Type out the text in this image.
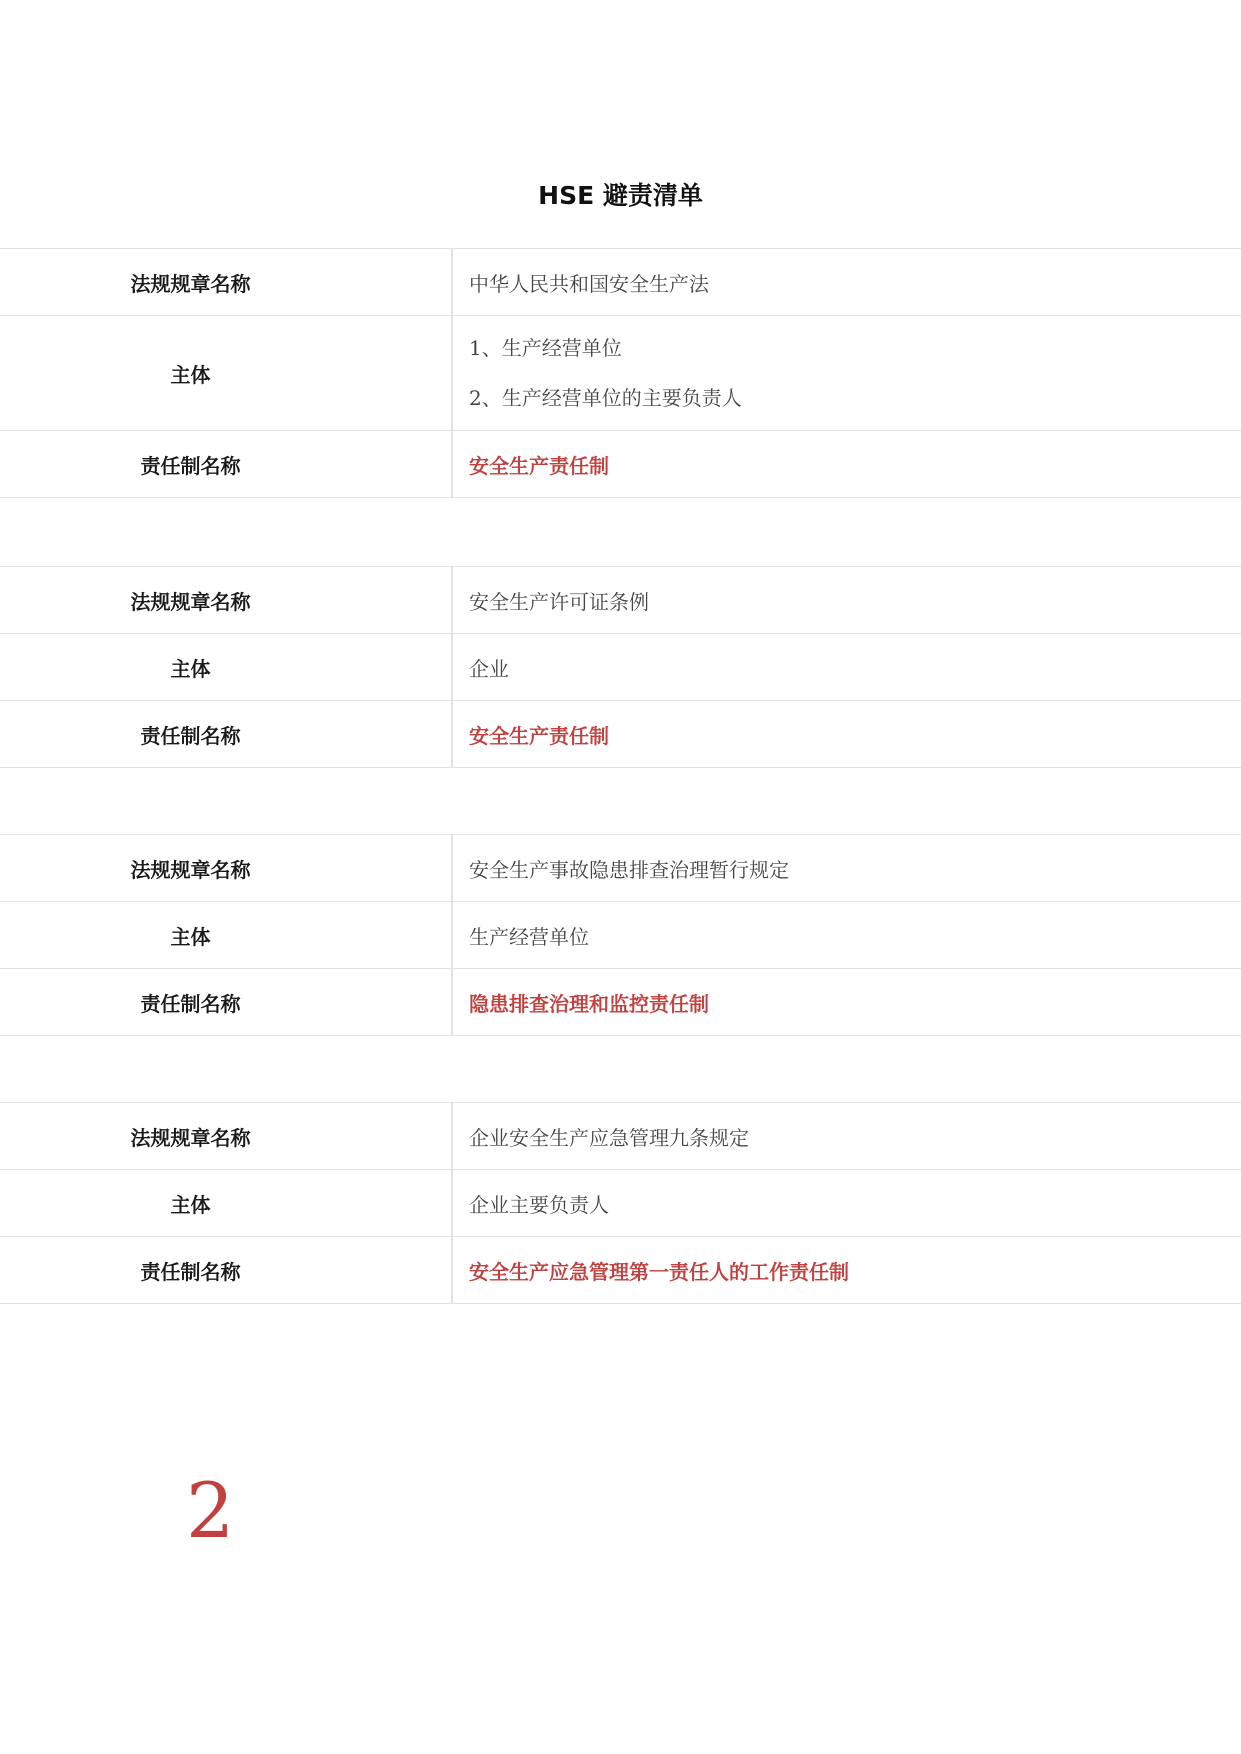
HSE 避责清单
法规规章名称	中华人民共和国安全生产法
主体	1、生产经营单位
2、生产经营单位的主要负责人

责任制名称	安全生产责任制
法规规章名称	安全生产许可证条例
主体	企业
责任制名称	安全生产责任制
法规规章名称	安全生产事故隐患排查治理暂行规定
主体	生产经营单位
责任制名称	隐患排查治理和监控责任制
法规规章名称	企业安全生产应急管理九条规定
主体	企业主要负责人
责任制名称	安全生产应急管理第一责任人的工作责任制
2
